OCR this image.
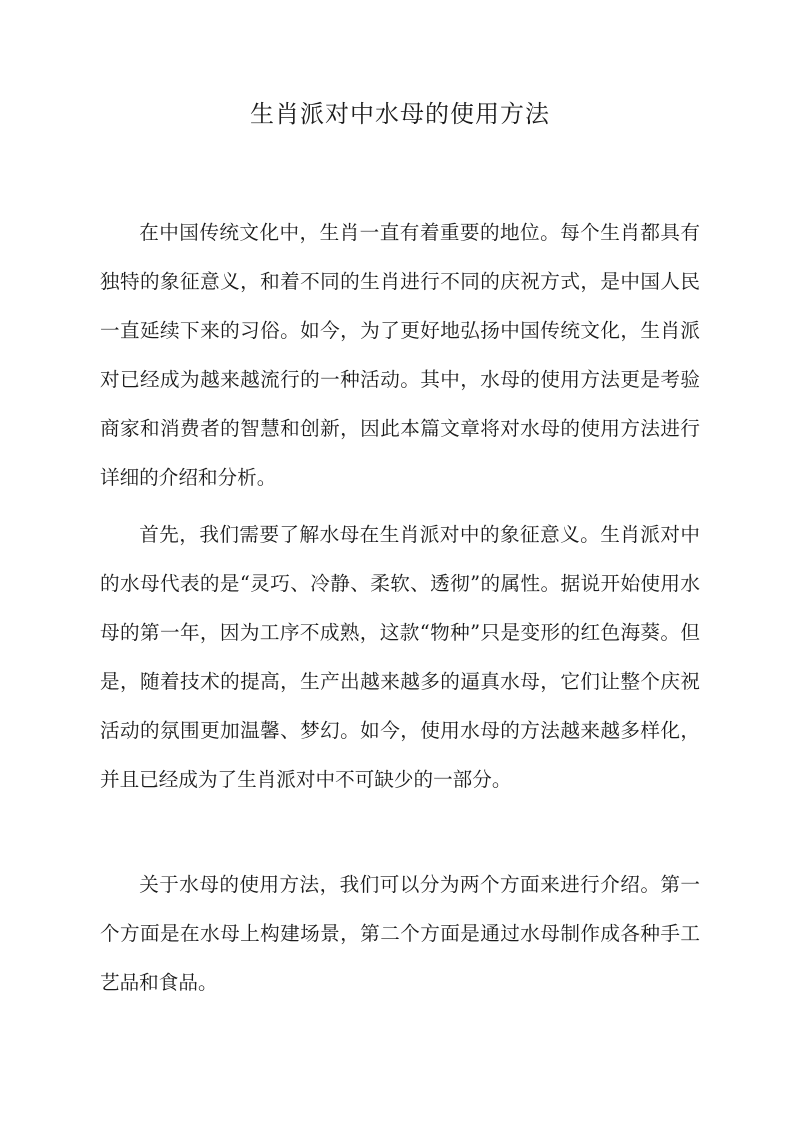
生肖派对中水母的使用方法

在中国传统文化中，生肖一直有着重要的地位。每个生肖都具有独特的象征意义，和着不同的生肖进行不同的庆祝方式，是中国人民一直延续下来的习俗。如今，为了更好地弘扬中国传统文化，生肖派对已经成为越来越流行的一种活动。其中，水母的使用方法更是考验商家和消费者的智慧和创新，因此本篇文章将对水母的使用方法进行详细的介绍和分析。

首先，我们需要了解水母在生肖派对中的象征意义。生肖派对中的水母代表的是“灵巧、冷静、柔软、透彻”的属性。据说开始使用水母的第一年，因为工序不成熟，这款“物种”只是变形的红色海葵。但是，随着技术的提高，生产出越来越多的逼真水母，它们让整个庆祝活动的氛围更加温馨、梦幻。如今，使用水母的方法越来越多样化，并且已经成为了生肖派对中不可缺少的一部分。

关于水母的使用方法，我们可以分为两个方面来进行介绍。第一个方面是在水母上构建场景，第二个方面是通过水母制作成各种手工艺品和食品。
